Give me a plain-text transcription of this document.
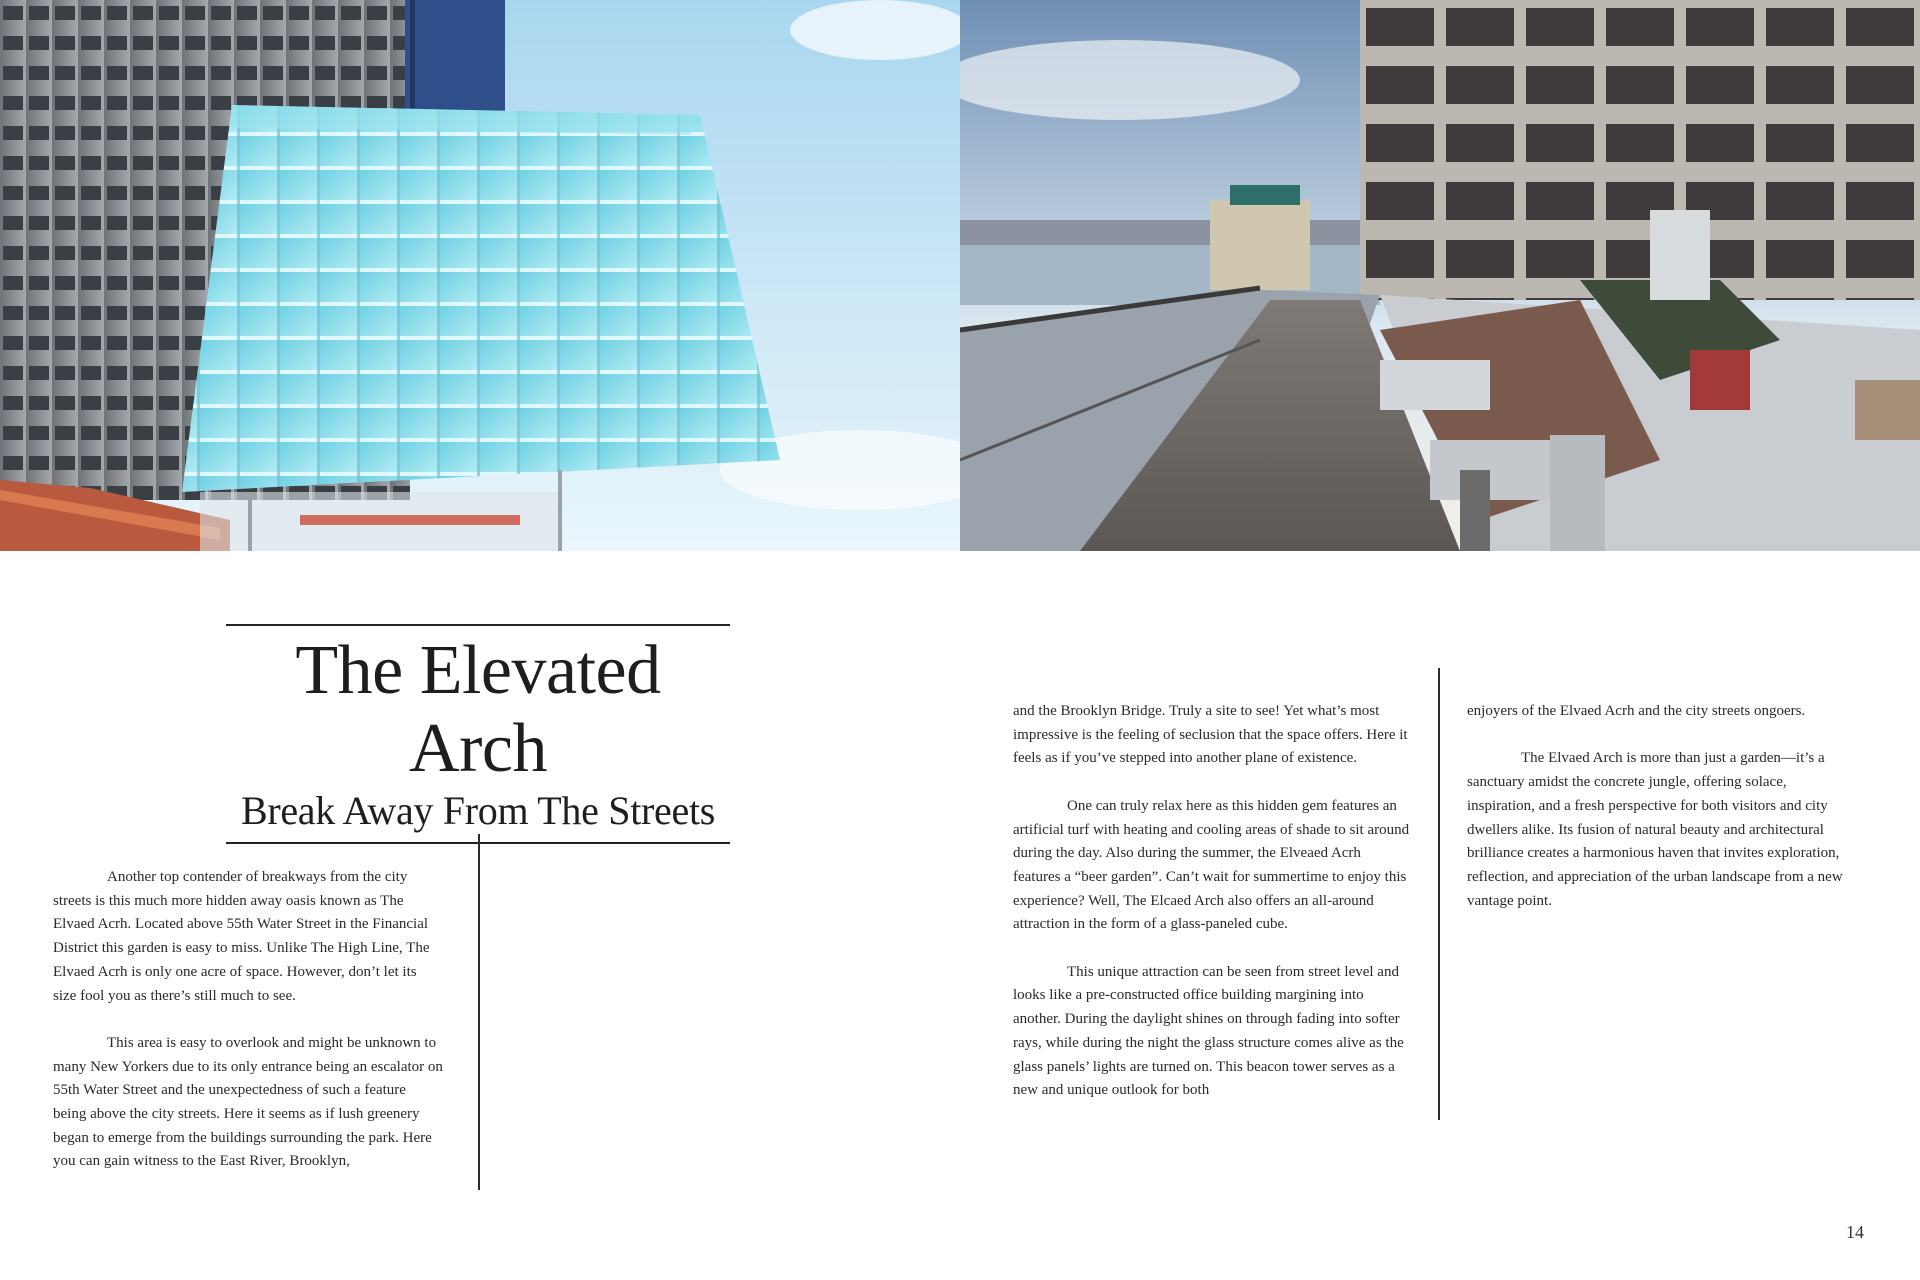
The Elevated Arch
Break Away From The Streets

Another top contender of breakways from the city streets is this much more hidden away oasis known as The Elvaed Acrh. Located above 55th Water Street in the Financial District this garden is easy to miss. Unlike The High Line, The Elvaed Acrh is only one acre of space. However, don’t let its size fool you as there’s still much to see.

This area is easy to overlook and might be unknown to many New Yorkers due to its only entrance being an escalator on 55th Water Street and the unexpectedness of such a feature being above the city streets. Here it seems as if lush greenery began to emerge from the buildings surrounding the park. Here you can gain witness to the East River, Brooklyn,

and the Brooklyn Bridge. Truly a site to see! Yet what’s most impressive is the feeling of seclusion that the space offers. Here it feels as if you’ve stepped into another plane of existence.

One can truly relax here as this hidden gem features an artificial turf with heating and cooling areas of shade to sit around during the day. Also during the summer, the Elveaed Acrh features a “beer garden”. Can’t wait for summertime to enjoy this experience? Well, The Elcaed Arch also offers an all-around attraction in the form of a glass-paneled cube.

This unique attraction can be seen from street level and looks like a pre-constructed office building margining into another. During the daylight shines on through fading into softer rays, while during the night the glass structure comes alive as the glass panels’ lights are turned on. This beacon tower serves as a new and unique outlook for both

enjoyers of the Elvaed Acrh and the city streets ongoers.

The Elvaed Arch is more than just a garden—it’s a sanctuary amidst the concrete jungle, offering solace, inspiration, and a fresh perspective for both visitors and city dwellers alike. Its fusion of natural beauty and architectural brilliance creates a harmonious haven that invites exploration, reflection, and appreciation of the urban landscape from a new vantage point.

14
